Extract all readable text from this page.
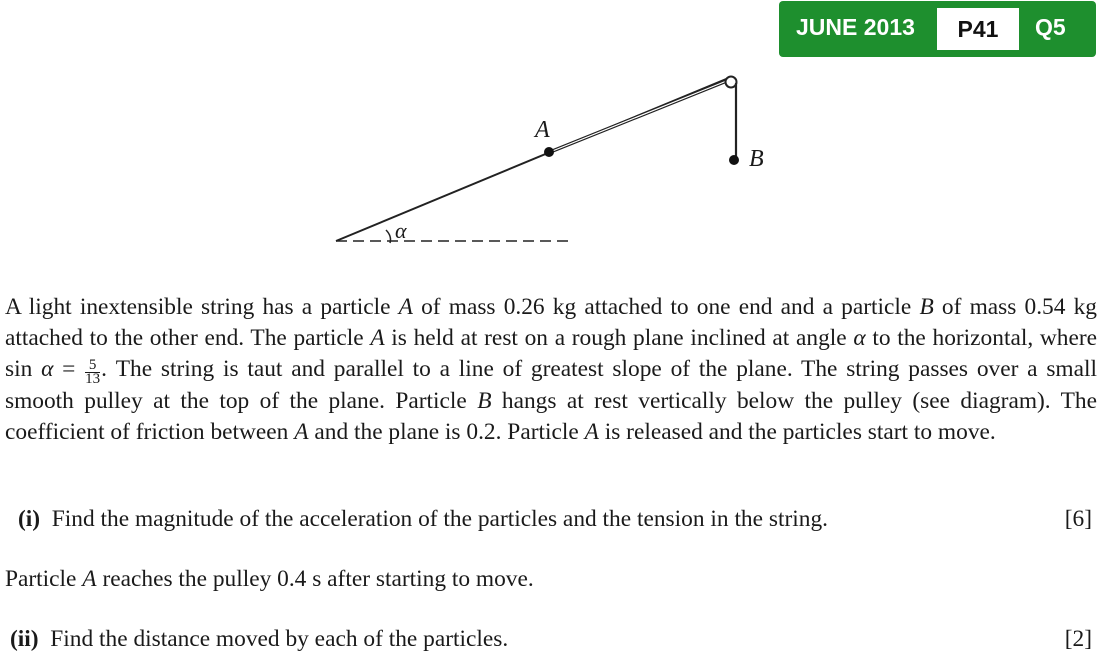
JUNE 2013	P41	Q5
A
B
α

A light inextensible string has a particle A of mass 0.26 kg attached to one end and a particle B of mass 0.54 kg attached to the other end. The particle A is held at rest on a rough plane inclined at angle α to the horizontal, where $\sin \alpha = \frac{5}{13}$ . The string is taut and parallel to a line of greatest slope of the plane. The string passes over a small smooth pulley at the top of the plane. Particle B hangs at rest vertically below the pulley (see diagram). The coefficient of friction between A and the plane is 0.2. Particle A is released and the particles start to move.

(i) Find the magnitude of the acceleration of the particles and the tension in the string.	[6]
Particle A reaches the pulley 0.4 s after starting to move.
(ii) Find the distance moved by each of the particles.	[2]
